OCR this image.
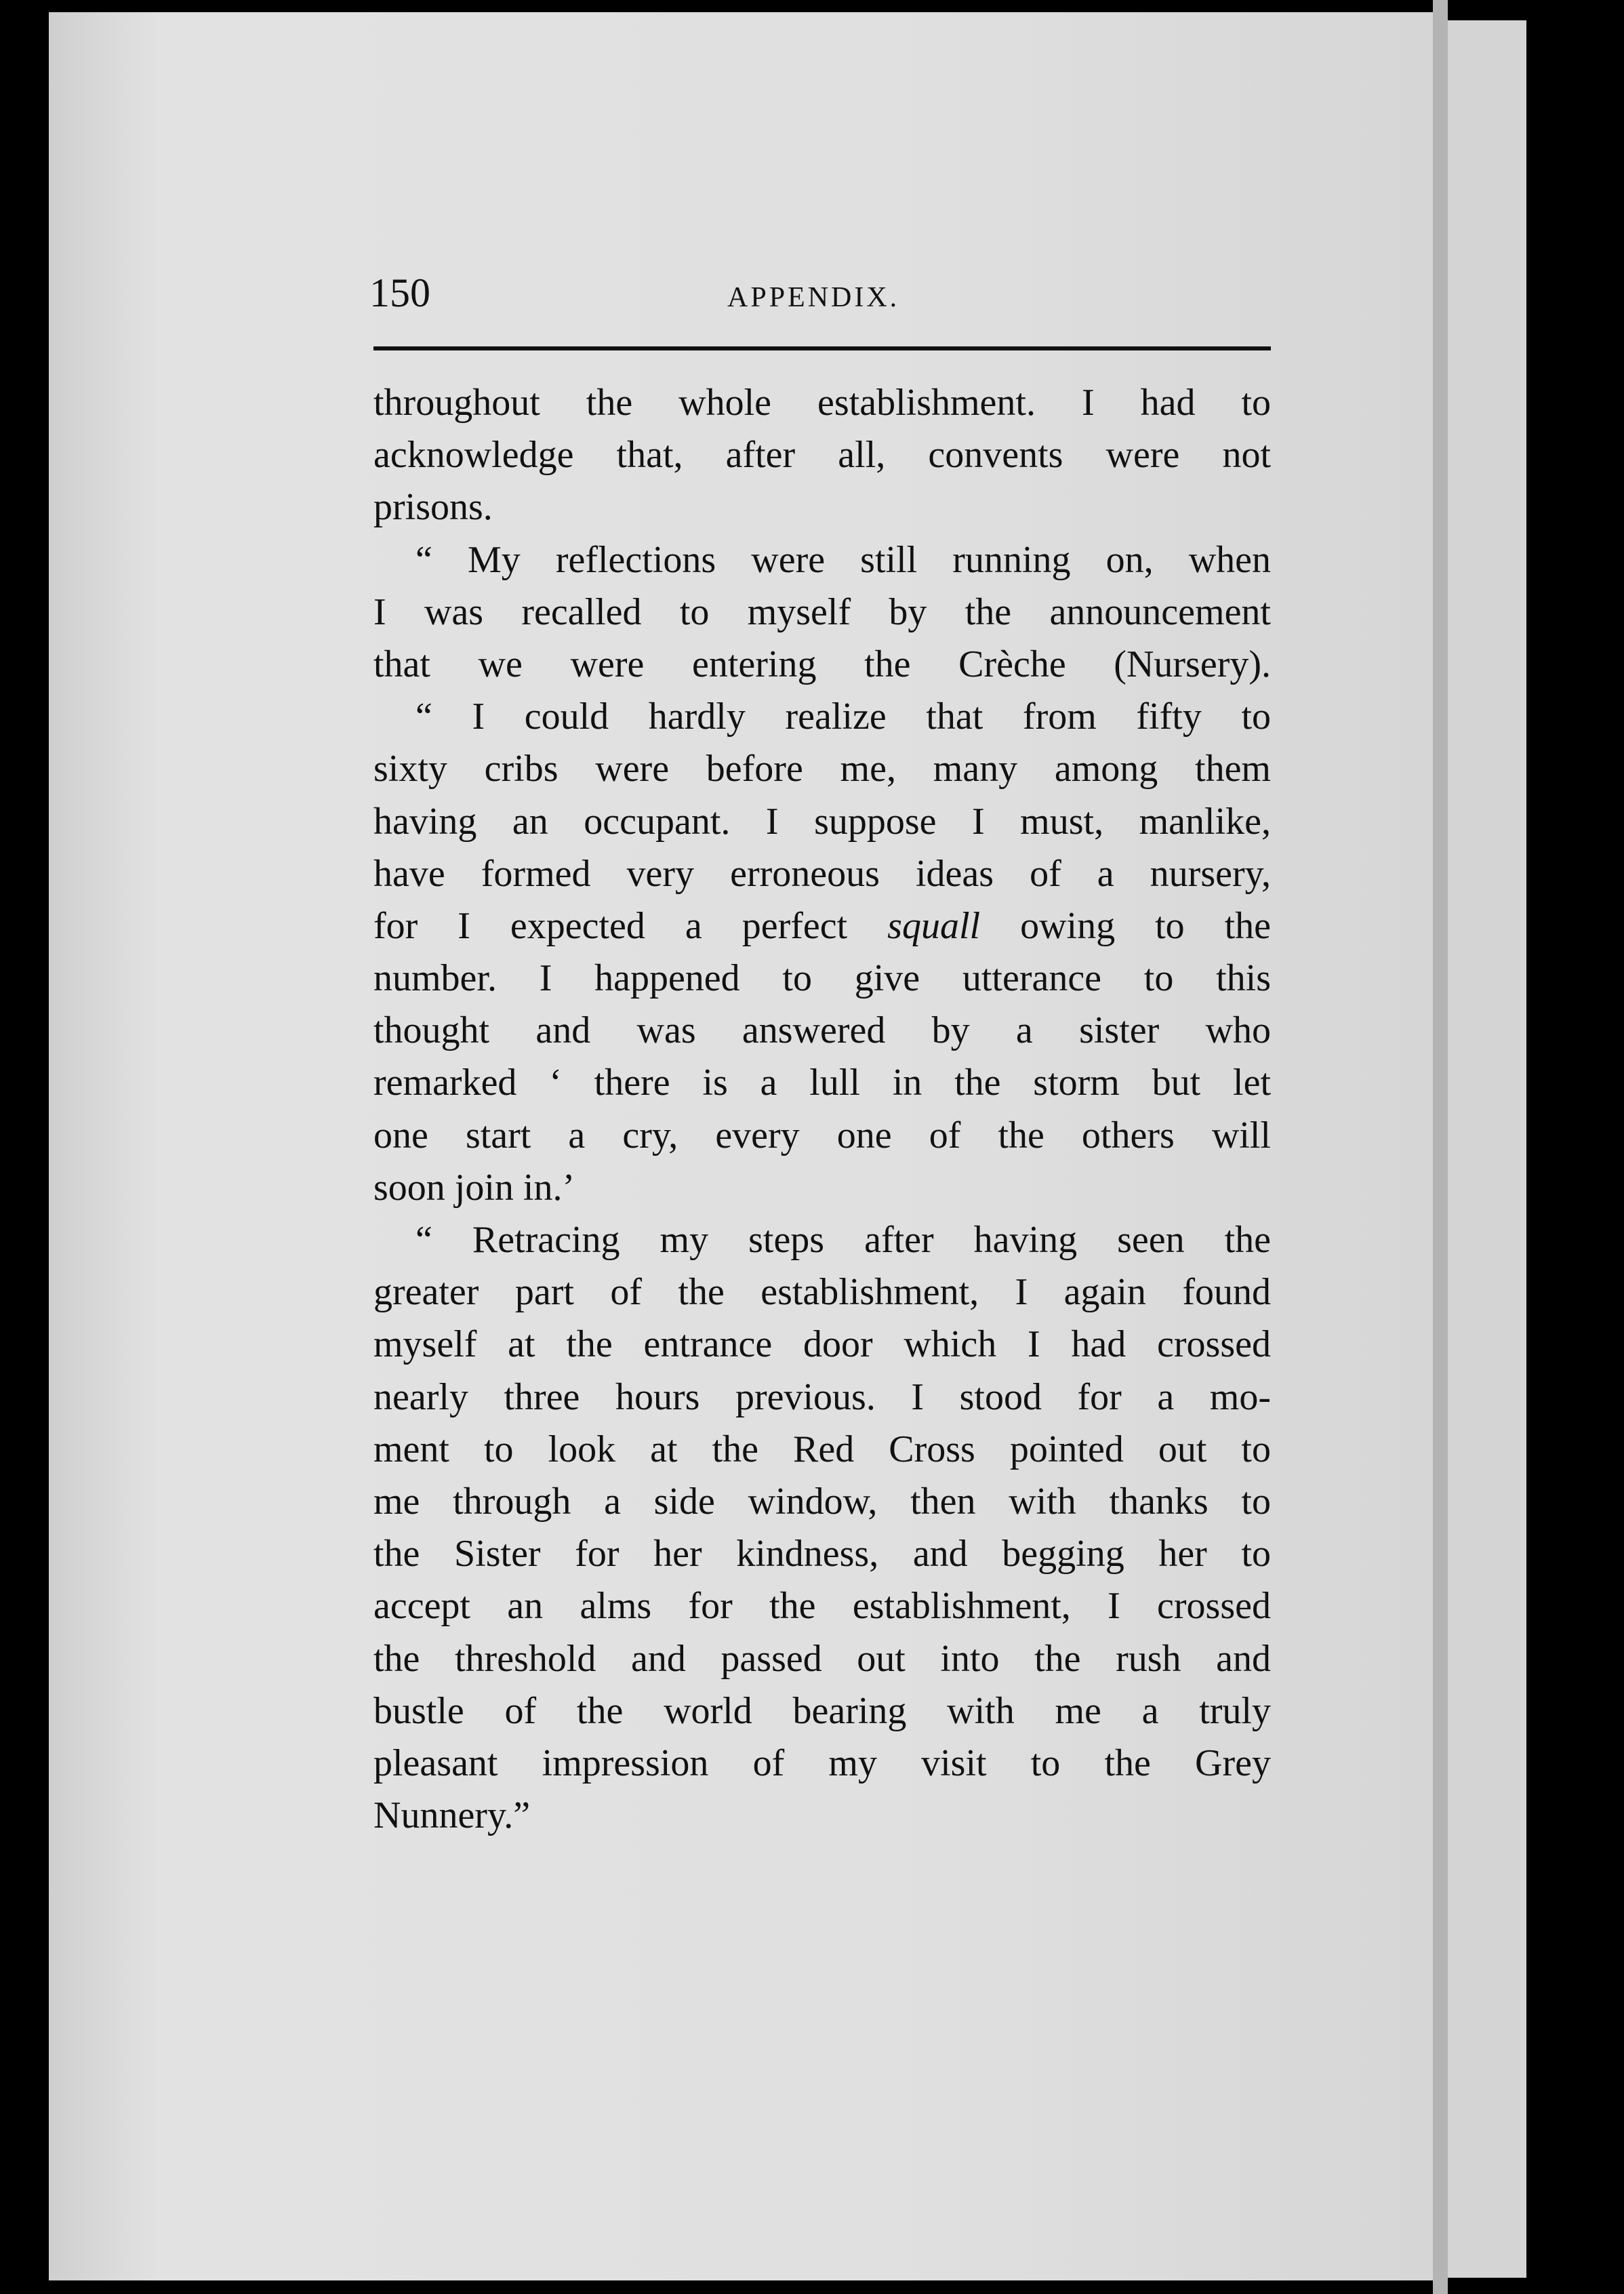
150	APPENDIX.
throughout the whole establishment. I had to
acknowledge that, after all, convents were not
prisons.
“ My reflections were still running on, when
I was recalled to myself by the announcement
that we were entering the Crèche (Nursery).
“ I could hardly realize that from fifty to
sixty cribs were before me, many among them
having an occupant. I suppose I must, manlike,
have formed very erroneous ideas of a nursery,
for I expected a perfect squall owing to the
number. I happened to give utterance to this
thought and was answered by a sister who
remarked ‘ there is a lull in the storm but let
one start a cry, every one of the others will
soon join in.’
“ Retracing my steps after having seen the
greater part of the establishment, I again found
myself at the entrance door which I had crossed
nearly three hours previous. I stood for a mo-
ment to look at the Red Cross pointed out to
me through a side window, then with thanks to
the Sister for her kindness, and begging her to
accept an alms for the establishment, I crossed
the threshold and passed out into the rush and
bustle of the world bearing with me a truly
pleasant impression of my visit to the Grey
Nunnery.”
